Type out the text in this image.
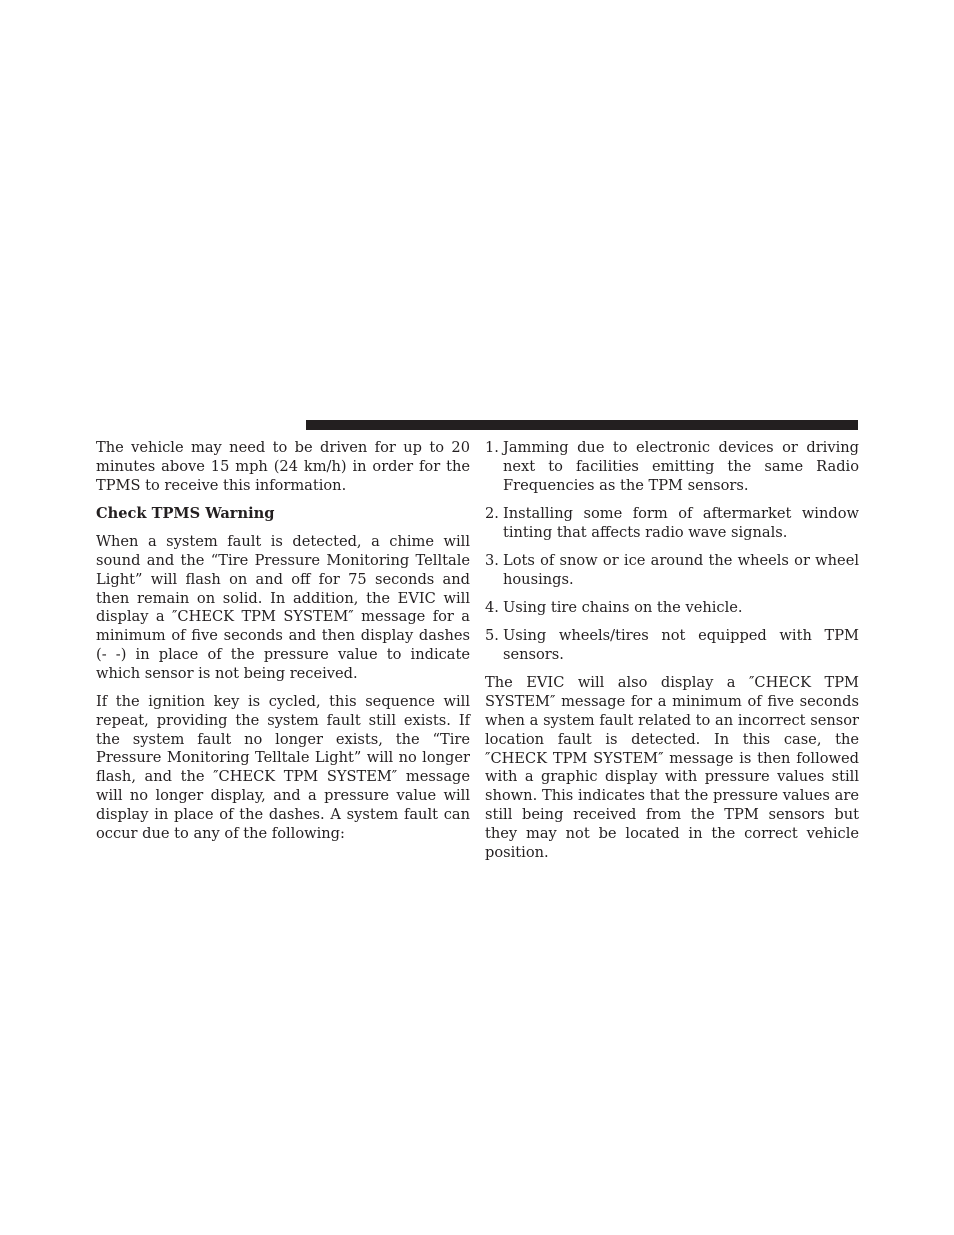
The vehicle may need to be driven for up to 20 minutes above 15 mph (24 km/h) in order for the TPMS to receive this information.

Check TPMS Warning

When a system fault is detected, a chime will sound and the “Tire Pressure Monitoring Telltale Light” will flash on and off for 75 seconds and then remain on solid. In addition, the EVIC will display a ″CHECK TPM SYSTEM″ message for a minimum of five seconds and then display dashes (- -) in place of the pressure value to indicate which sensor is not being received.

If the ignition key is cycled, this sequence will repeat, providing the system fault still exists. If the system fault no longer exists, the “Tire Pressure Monitoring Telltale Light” will no longer flash, and the ″CHECK TPM SYSTEM″ message will no longer display, and a pressure value will display in place of the dashes. A system fault can occur due to any of the following:

1. Jamming due to electronic devices or driving next to facilities emitting the same Radio Frequencies as the TPM sensors.
2. Installing some form of aftermarket window tinting that affects radio wave signals.
3. Lots of snow or ice around the wheels or wheel housings.
4. Using tire chains on the vehicle.
5. Using wheels/tires not equipped with TPM sensors.

The EVIC will also display a ″CHECK TPM SYSTEM″ message for a minimum of five seconds when a system fault related to an incorrect sensor location fault is detected. In this case, the ″CHECK TPM SYSTEM″ message is then followed with a graphic display with pressure values still shown. This indicates that the pressure values are still being received from the TPM sensors but they may not be located in the correct vehicle position.
